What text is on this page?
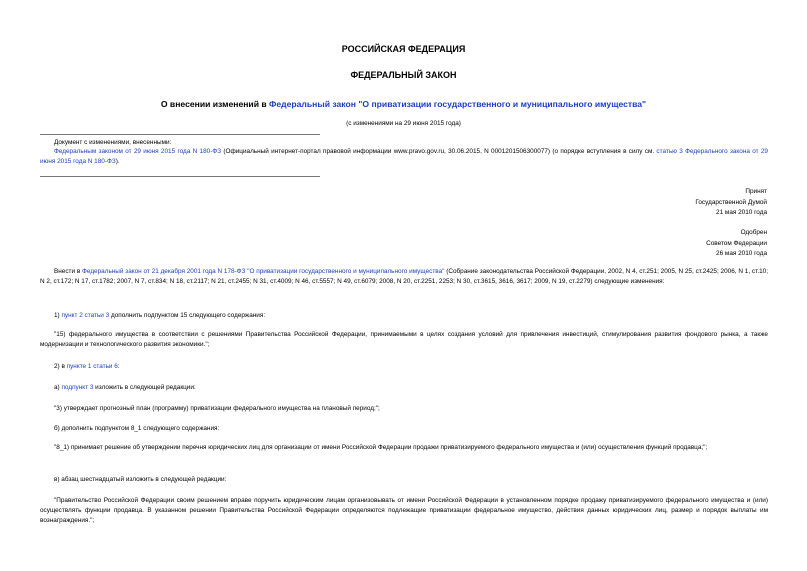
РОССИЙСКАЯ ФЕДЕРАЦИЯ
ФЕДЕРАЛЬНЫЙ ЗАКОН
О внесении изменений в Федеральный закон "О приватизации государственного и муниципального имущества"
(с изменениями на 29 июня 2015 года)
Документ с изменениями, внесенными:
Федеральным законом от 29 июня 2015 года N 180-ФЗ (Официальный интернет-портал правовой информации www.pravo.gov.ru, 30.06.2015, N 0001201506300077) (о порядке вступления в силу см. статью 3 Федерального закона от 29 июня 2015 года N 180-ФЗ).
Принят
Государственной Думой
21 мая 2010 года
Одобрен
Советом Федерации
26 мая 2010 года
Внести в Федеральный закон от 21 декабря 2001 года N 178-ФЗ "О приватизации государственного и муниципального имущества" (Собрание законодательства Российской Федерации, 2002, N 4, ст.251; 2005, N 25, ст.2425; 2006, N 1, ст.10; N 2, ст.172; N 17, ст.1782; 2007, N 7, ст.834; N 18, ст.2117; N 21, ст.2455; N 31, ст.4009; N 46, ст.5557; N 49, ст.6079; 2008, N 20, ст.2251, 2253; N 30, ст.3615, 3616, 3617; 2009, N 19, ст.2279) следующие изменения:
1) пункт 2 статьи 3 дополнить подпунктом 15 следующего содержания:
"15) федерального имущества в соответствии с решениями Правительства Российской Федерации, принимаемыми в целях создания условий для привлечения инвестиций, стимулирования развития фондового рынка, а также модернизации и технологического развития экономики.";
2) в пункте 1 статьи 6:
а) подпункт 3 изложить в следующей редакции:
"3) утверждает прогнозный план (программу) приватизации федерального имущества на плановый период;";
б) дополнить подпунктом 8_1 следующего содержания:
"8_1) принимает решение об утверждении перечня юридических лиц для организации от имени Российской Федерации продажи приватизируемого федерального имущества и (или) осуществления функций продавца;";
в) абзац шестнадцатый изложить в следующей редакции:
"Правительство Российской Федерации своим решением вправе поручить юридическим лицам организовывать от имени Российской Федерации в установленном порядке продажу приватизируемого федерального имущества и (или) осуществлять функции продавца. В указанном решении Правительства Российской Федерации определяются подлежащие приватизации федеральное имущество, действия данных юридических лиц, размер и порядок выплаты им вознаграждения.";
